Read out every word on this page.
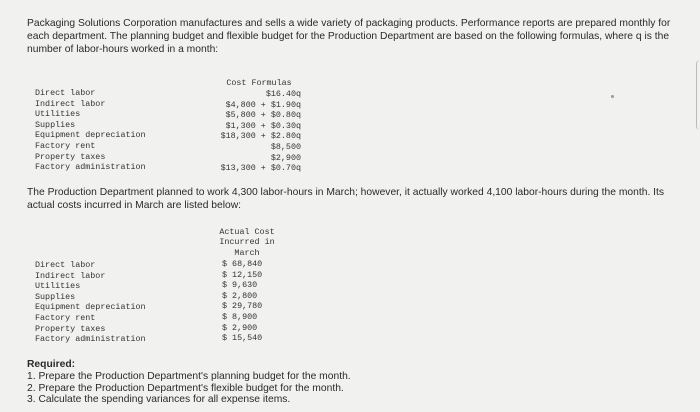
Packaging Solutions Corporation manufactures and sells a wide variety of packaging products. Performance reports are prepared monthly for each department. The planning budget and flexible budget for the Production Department are based on the following formulas, where q is the number of labor-hours worked in a month:
Cost Formulas
Direct labor
Indirect labor
Utilities
Supplies
Equipment depreciation
Factory rent
Property taxes
Factory administration
$16.40q
$4,800 + $1.90q
$5,800 + $0.80q
$1,300 + $0.30q
$18,300 + $2.80q
$8,500
$2,900
$13,300 + $0.70q
The Production Department planned to work 4,300 labor-hours in March; however, it actually worked 4,100 labor-hours during the month. Its actual costs incurred in March are listed below:
Actual Cost
Incurred in
March
Direct labor
Indirect labor
Utilities
Supplies
Equipment depreciation
Factory rent
Property taxes
Factory administration
$ 68,840
$ 12,150
$ 9,630
$ 2,800
$ 29,780
$ 8,900
$ 2,900
$ 15,540
Required:
1. Prepare the Production Department's planning budget for the month.
2. Prepare the Production Department's flexible budget for the month.
3. Calculate the spending variances for all expense items.
